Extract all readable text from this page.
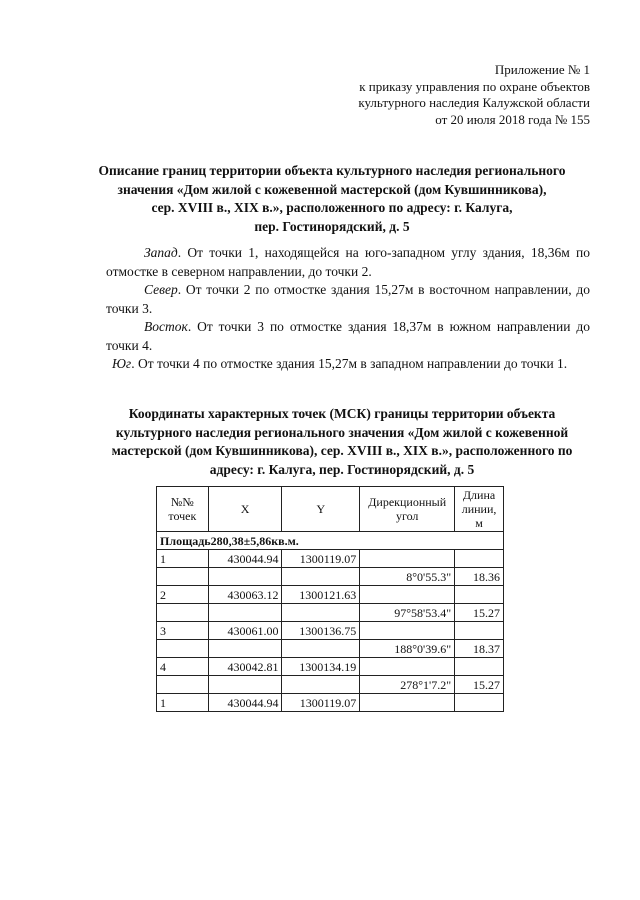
Приложение № 1
к приказу управления по охране объектов
культурного наследия Калужской области
от 20 июля 2018 года № 155
Описание границ территории объекта культурного наследия регионального
значения «Дом жилой с кожевенной мастерской (дом Кувшинникова),
сер. XVIII в., XIX в.», расположенного по адресу: г. Калуга,
пер. Гостинорядский, д. 5

Запад. От точки 1, находящейся на юго-западном углу здания, 18,36м по отмостке в северном направлении, до точки 2.

Север. От точки 2 по отмостке здания 15,27м в восточном направлении, до точки 3.

Восток. От точки 3 по отмостке здания 18,37м в южном направлении до точки 4.

Юг. От точки 4 по отмостке здания 15,27м в западном направлении до точки 1.

Координаты характерных точек (МСК) границы территории объекта
культурного наследия регионального значения «Дом жилой с кожевенной
мастерской (дом Кувшинникова), сер. XVIII в., XIX в.», расположенного по
адресу: г. Калуга, пер. Гостинорядский, д. 5
№№ точек	X	Y	Дирекционный угол	Длина линии, м
Площадь280,38±5,86кв.м.				
1	430044.94	1300119.07		
			8°0'55.3"	18.36
2	430063.12	1300121.63		
			97°58'53.4"	15.27
3	430061.00	1300136.75		
			188°0'39.6"	18.37
4	430042.81	1300134.19		
			278°1'7.2"	15.27
1	430044.94	1300119.07		
